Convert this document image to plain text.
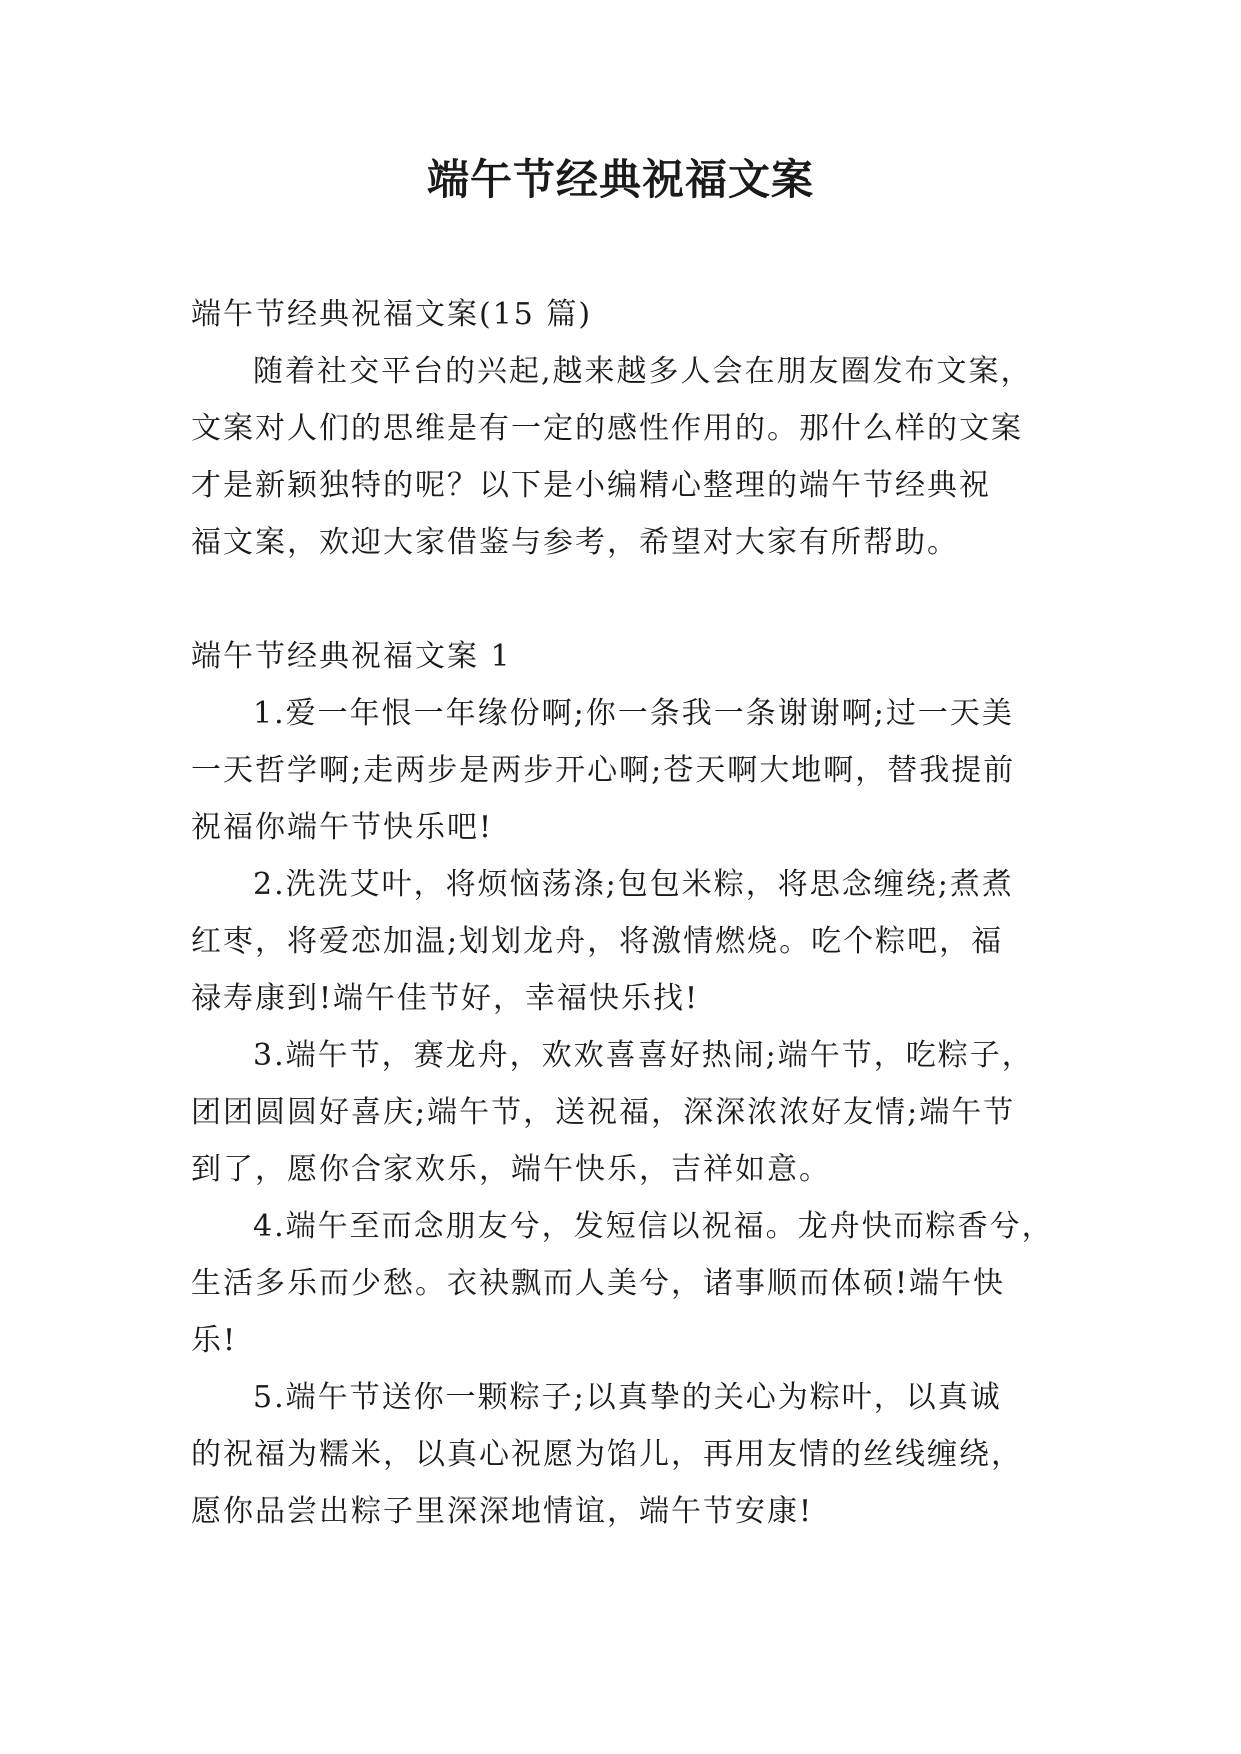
端午节经典祝福文案

端午节经典祝福文案(15 篇)

随着社交平台的兴起,越来越多人会在朋友圈发布文案，

文案对人们的思维是有一定的感性作用的。那什么样的文案

才是新颖独特的呢？以下是小编精心整理的端午节经典祝

福文案，欢迎大家借鉴与参考，希望对大家有所帮助。

端午节经典祝福文案 1

1.爱一年恨一年缘份啊;你一条我一条谢谢啊;过一天美

一天哲学啊;走两步是两步开心啊;苍天啊大地啊，替我提前

祝福你端午节快乐吧!

2.洗洗艾叶，将烦恼荡涤;包包米粽，将思念缠绕;煮煮

红枣，将爱恋加温;划划龙舟，将激情燃烧。吃个粽吧，福

禄寿康到!端午佳节好，幸福快乐找!

3.端午节，赛龙舟，欢欢喜喜好热闹;端午节，吃粽子，

团团圆圆好喜庆;端午节，送祝福，深深浓浓好友情;端午节

到了，愿你合家欢乐，端午快乐，吉祥如意。

4.端午至而念朋友兮，发短信以祝福。龙舟快而粽香兮，

生活多乐而少愁。衣袂飘而人美兮，诸事顺而体硕!端午快

乐!

5.端午节送你一颗粽子;以真挚的关心为粽叶，以真诚

的祝福为糯米，以真心祝愿为馅儿，再用友情的丝线缠绕，

愿你品尝出粽子里深深地情谊，端午节安康!
